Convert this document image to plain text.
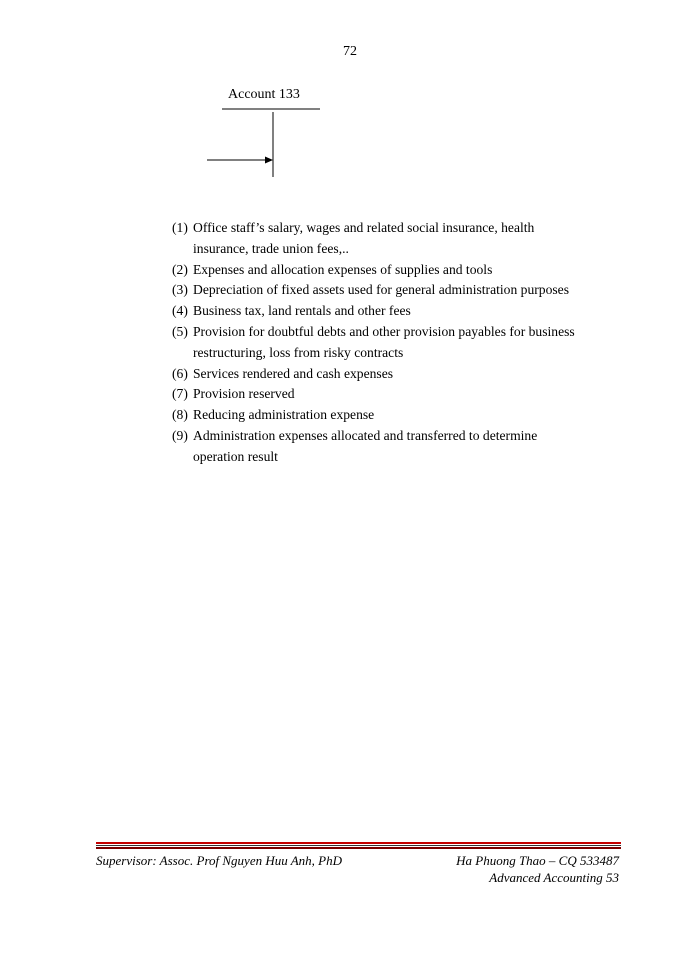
72
Account 133
(1) Office staff’s salary, wages and related social insurance, health
insurance, trade union fees,..
(2) Expenses and allocation expenses of supplies and tools
(3) Depreciation of fixed assets used for general administration purposes
(4) Business tax, land rentals and other fees
(5) Provision for doubtful debts and other provision payables for business
restructuring, loss from risky contracts
(6) Services rendered and cash expenses
(7) Provision reserved
(8) Reducing administration expense
(9) Administration expenses allocated and transferred to determine
operation result
Supervisor: Assoc. Prof Nguyen Huu Anh, PhD	Ha Phuong Thao – CQ 533487
Advanced Accounting 53
